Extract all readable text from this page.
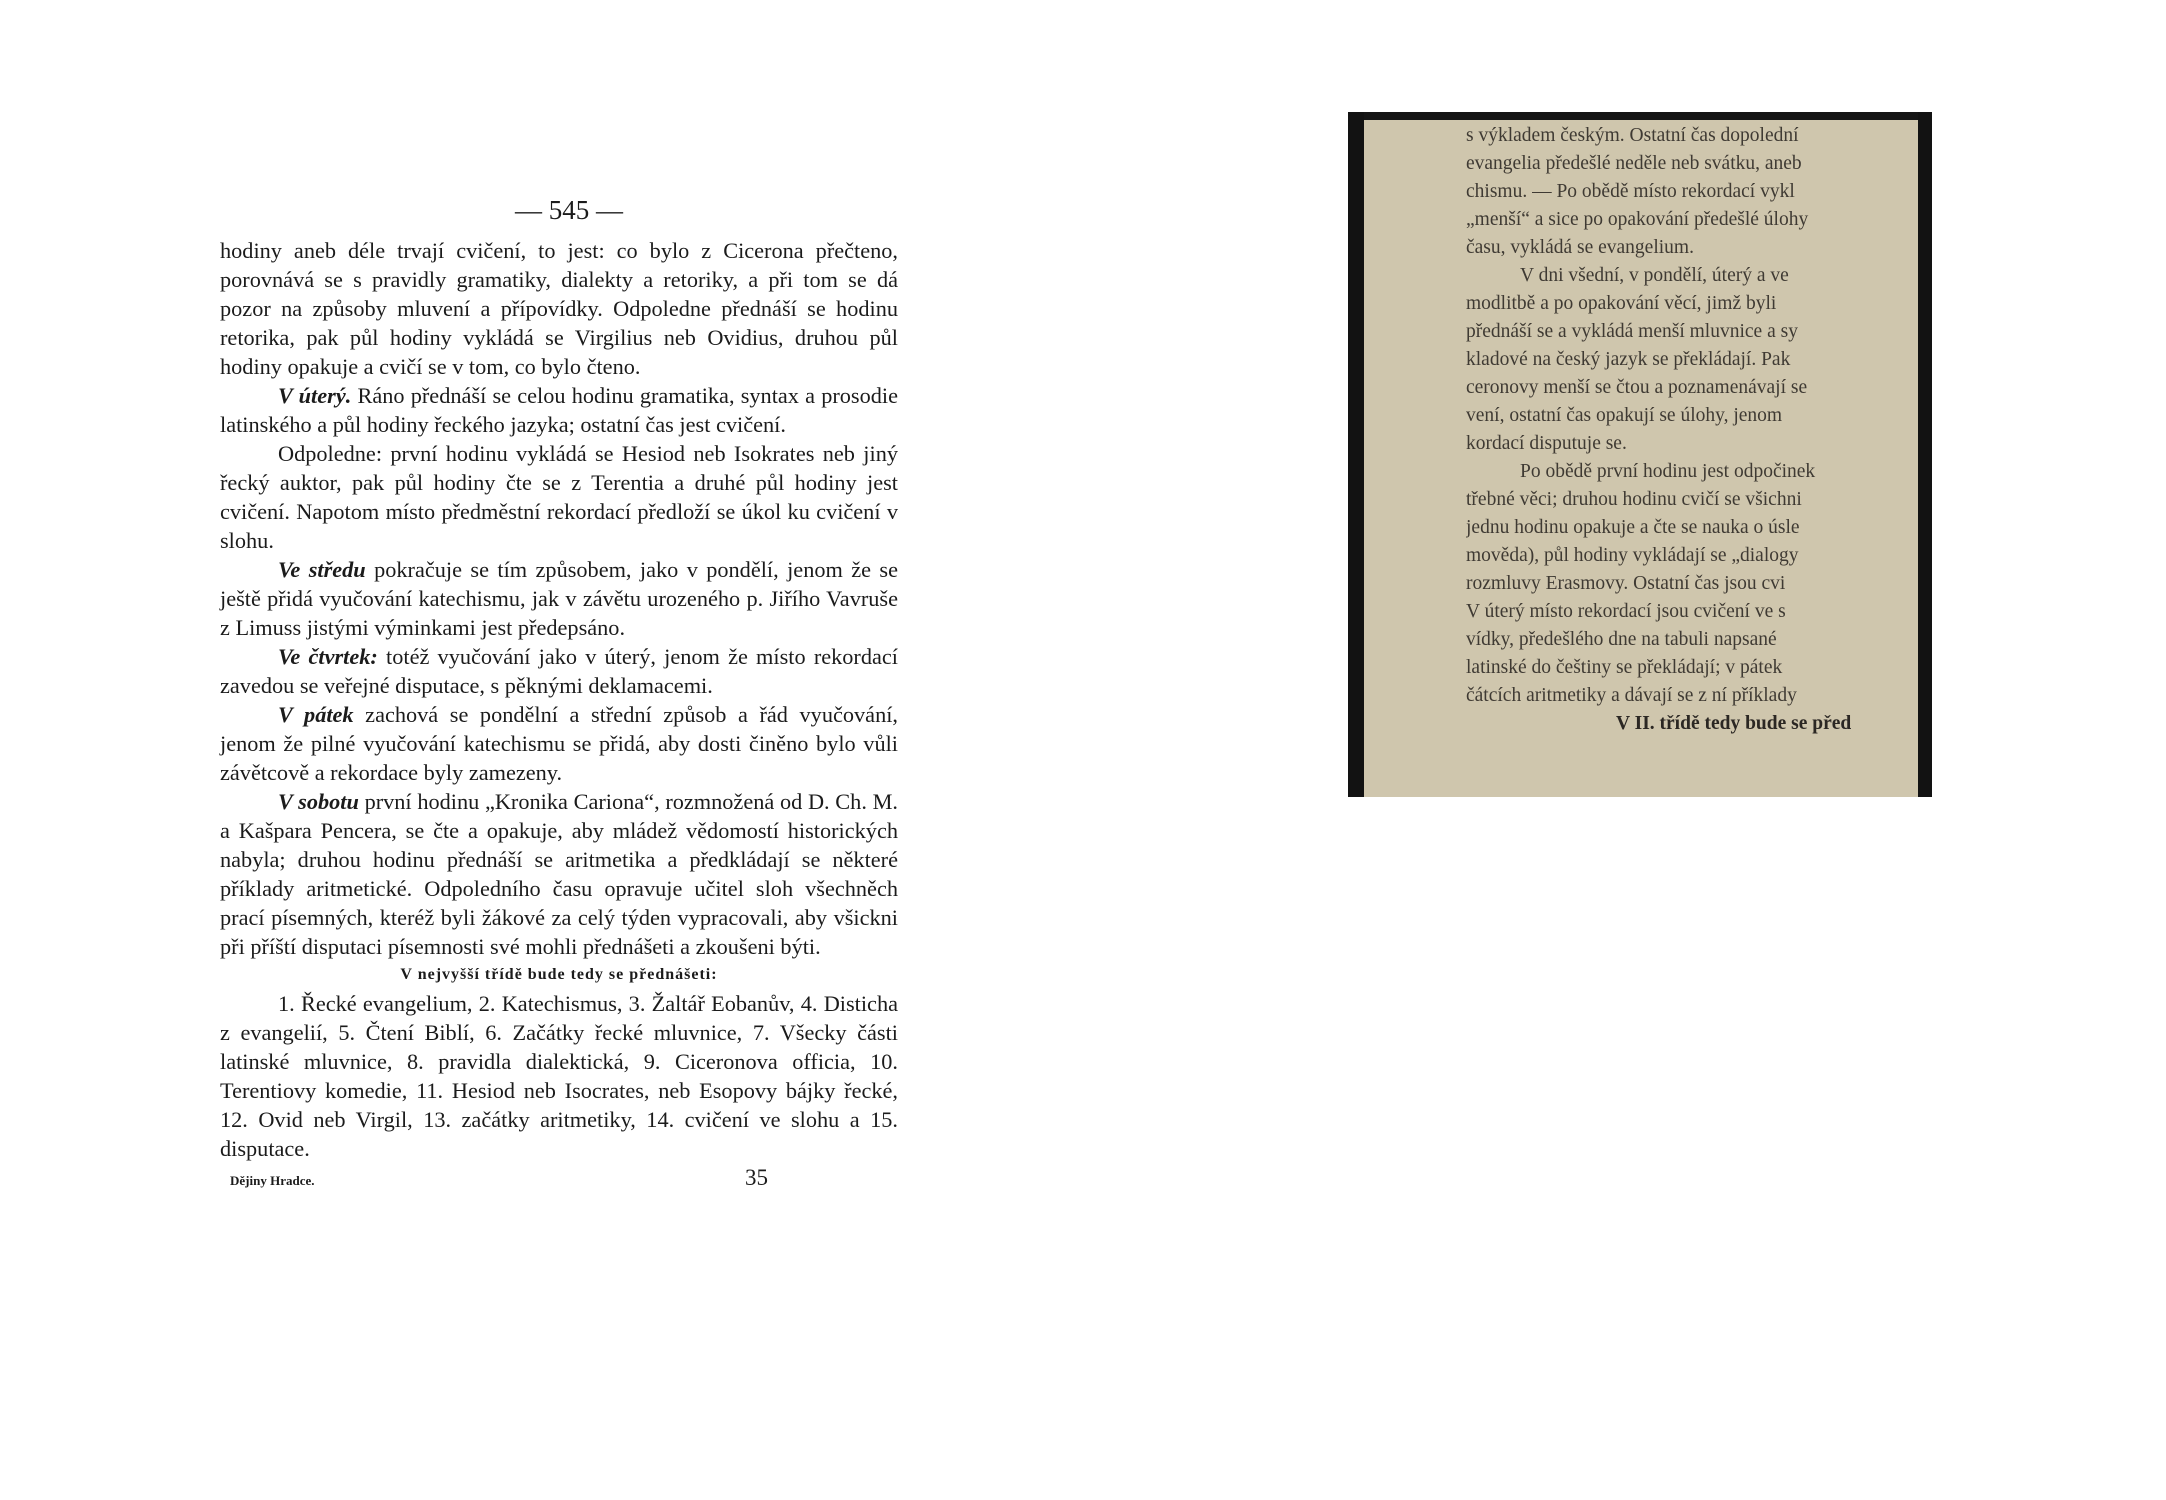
— 545 —

hodiny aneb déle trvají cvičení, to jest: co bylo z Cicerona přečteno, porovnává se s pravidly gramatiky, dialekty a retoriky, a při tom se dá pozor na způsoby mluvení a přípovídky. Odpoledne přednáší se hodinu retorika, pak půl hodiny vykládá se Virgilius neb Ovidius, druhou půl hodiny opakuje a cvičí se v tom, co bylo čteno.

V úterý. Ráno přednáší se celou hodinu gramatika, syntax a prosodie latinského a půl hodiny řeckého jazyka; ostatní čas jest cvičení.

Odpoledne: první hodinu vykládá se Hesiod neb Isokrates neb jiný řecký auktor, pak půl hodiny čte se z Terentia a druhé půl hodiny jest cvičení. Napotom místo předměstní rekordací předloží se úkol ku cvičení v slohu.

Ve středu pokračuje se tím způsobem, jako v pondělí, jenom že se ještě přidá vyučování katechismu, jak v závětu urozeného p. Jiřího Vavruše z Limuss jistými výminkami jest předepsáno.

Ve čtvrtek: totéž vyučování jako v úterý, jenom že místo rekordací zavedou se veřejné disputace, s pěknými deklamacemi.

V pátek zachová se pondělní a střední způsob a řád vyučování, jenom že pilné vyučování katechismu se přidá, aby dosti činěno bylo vůli závětcově a rekordace byly zamezeny.

V sobotu první hodinu „Kronika Cariona“, rozmnožená od D. Ch. M. a Kašpara Pencera, se čte a opakuje, aby mládež vědomostí historických nabyla; druhou hodinu přednáší se aritmetika a předkládají se některé příklady aritmetické. Odpoledního času opravuje učitel sloh všechněch prací písemných, kteréž byli žákové za celý týden vypracovali, aby všickni při příští disputaci písemnosti své mohli přednášeti a zkoušeni býti.

V nejvyšší třídě bude tedy se přednášeti:

1. Řecké evangelium, 2. Katechismus, 3. Žaltář Eobanův, 4. Disticha z evangelií, 5. Čtení Biblí, 6. Začátky řecké mluvnice, 7. Všecky části latinské mluvnice, 8. pravidla dialektická, 9. Ciceronova officia, 10. Terentiovy komedie, 11. Hesiod neb Isocrates, neb Esopovy bájky řecké, 12. Ovid neb Virgil, 13. začátky aritmetiky, 14. cvičení ve slohu a 15. disputace.

Dějiny Hradce.	35
s výkladem českým. Ostatní čas dopolední
evangelia předešlé neděle neb svátku, aneb
chismu. — Po obědě místo rekordací vykl
„menší“ a sice po opakování předešlé úlohy
času, vykládá se evangelium.
V dni všední, v pondělí, úterý a ve
modlitbě a po opakování věcí, jimž byli
přednáší se a vykládá menší mluvnice a sy
kladové na český jazyk se překládají. Pak
ceronovy menší se čtou a poznamenávají se
vení, ostatní čas opakují se úlohy, jenom
kordací disputuje se.
Po obědě první hodinu jest odpočinek
třebné věci; druhou hodinu cvičí se všichni
jednu hodinu opakuje a čte se nauka o úsle
movědа), půl hodiny vykládají se „dialogy
rozmluvy Erasmovy. Ostatní čas jsou cvi
V úterý místo rekordací jsou cvičení ve s
vídky, předešlého dne na tabuli napsané
latinské do češtiny se překládají; v pátek
čátcích aritmetiky a dávají se z ní příklady
V II. třídě tedy bude se před
